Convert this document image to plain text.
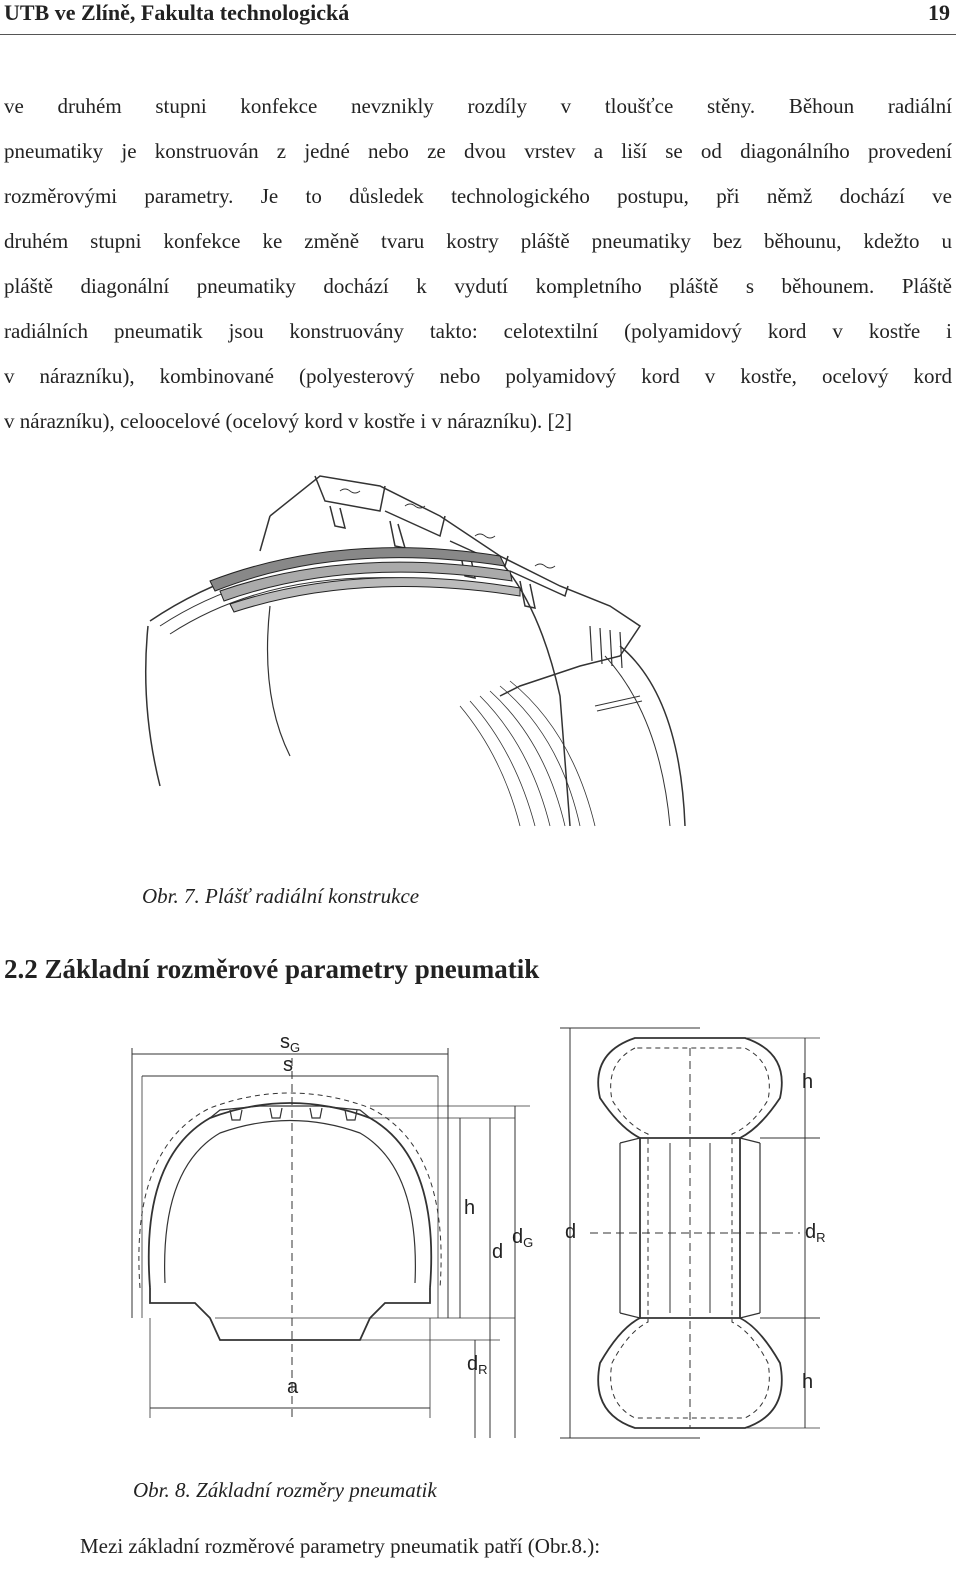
UTB ve Zlíně, Fakulta technologická	19
ve druhém stupni konfekce nevznikly rozdíly v tloušťce stěny. Běhoun radiální
pneumatiky je konstruován z jedné nebo ze dvou vrstev a liší se od diagonálního provedení
rozměrovými parametry. Je to důsledek technologického postupu, při němž dochází ve
druhém stupni konfekce ke změně tvaru kostry pláště pneumatiky bez běhounu, kdežto u
pláště diagonální pneumatiky dochází k vydutí kompletního pláště s běhounem. Pláště
radiálních pneumatik jsou konstruovány takto: celotextilní (polyamidový kord v kostře i
v nárazníku), kombinované (polyesterový nebo polyamidový kord v kostře, ocelový kord
v nárazníku), celoocelové (ocelový kord v kostře i v nárazníku). [2]
Obr. 7. Plášť radiální konstrukce
2.2 Základní rozměrové parametry pneumatik
$s_G$
s
h
d
$d_G$
$d_R$
a
d	$d_R$
h
h
Obr. 8. Základní rozměry pneumatik
Mezi základní rozměrové parametry pneumatik patří (Obr.8.):
